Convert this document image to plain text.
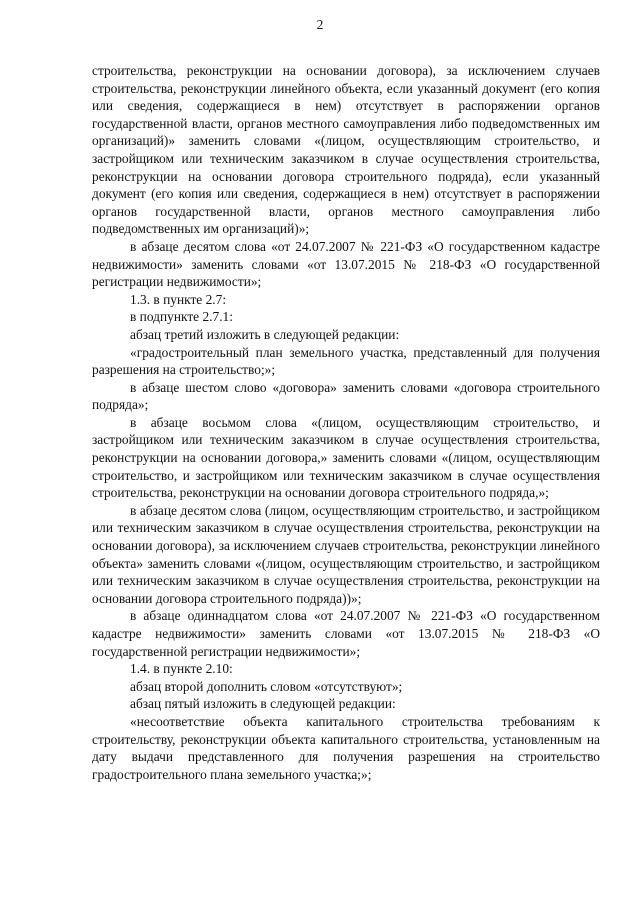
2

строительства, реконструкции на основании договора), за исключением случаев строительства, реконструкции линейного объекта, если указанный документ (его копия или сведения, содержащиеся в нем) отсутствует в распоряжении органов государственной власти, органов местного самоуправления либо подведомственных им организаций)» заменить словами «(лицом, осуществляющим строительство, и застройщиком или техническим заказчиком в случае осуществления строительства, реконструкции на основании договора строительного подряда), если указанный документ (его копия или сведения, содержащиеся в нем) отсутствует в распоряжении органов государственной власти, органов местного самоуправления либо подведомственных им организаций)»;

в абзаце десятом слова «от 24.07.2007 № 221-ФЗ «О государственном кадастре недвижимости» заменить словами «от 13.07.2015 № 218-ФЗ «О государственной регистрации недвижимости»;

1.3. в пункте 2.7:

в подпункте 2.7.1:

абзац третий изложить в следующей редакции:

«градостроительный план земельного участка, представленный для получения разрешения на строительство;»;

в абзаце шестом слово «договора» заменить словами «договора строительного подряда»;

в абзаце восьмом слова «(лицом, осуществляющим строительство, и застройщиком или техническим заказчиком в случае осуществления строительства, реконструкции на основании договора,» заменить словами «(лицом, осуществляющим строительство, и застройщиком или техническим заказчиком в случае осуществления строительства, реконструкции на основании договора строительного подряда,»;

в абзаце десятом слова (лицом, осуществляющим строительство, и застройщиком или техническим заказчиком в случае осуществления строительства, реконструкции на основании договора), за исключением случаев строительства, реконструкции линейного объекта» заменить словами «(лицом, осуществляющим строительство, и застройщиком или техническим заказчиком в случае осуществления строительства, реконструкции на основании договора строительного подряда))»;

в абзаце одиннадцатом слова «от 24.07.2007 № 221-ФЗ «О государственном кадастре недвижимости» заменить словами «от 13.07.2015 № 218-ФЗ «О государственной регистрации недвижимости»;

1.4. в пункте 2.10:

абзац второй дополнить словом «отсутствуют»;

абзац пятый изложить в следующей редакции:

«несоответствие объекта капитального строительства требованиям к строительству, реконструкции объекта капитального строительства, установленным на дату выдачи представленного для получения разрешения на строительство градостроительного плана земельного участка;»;
